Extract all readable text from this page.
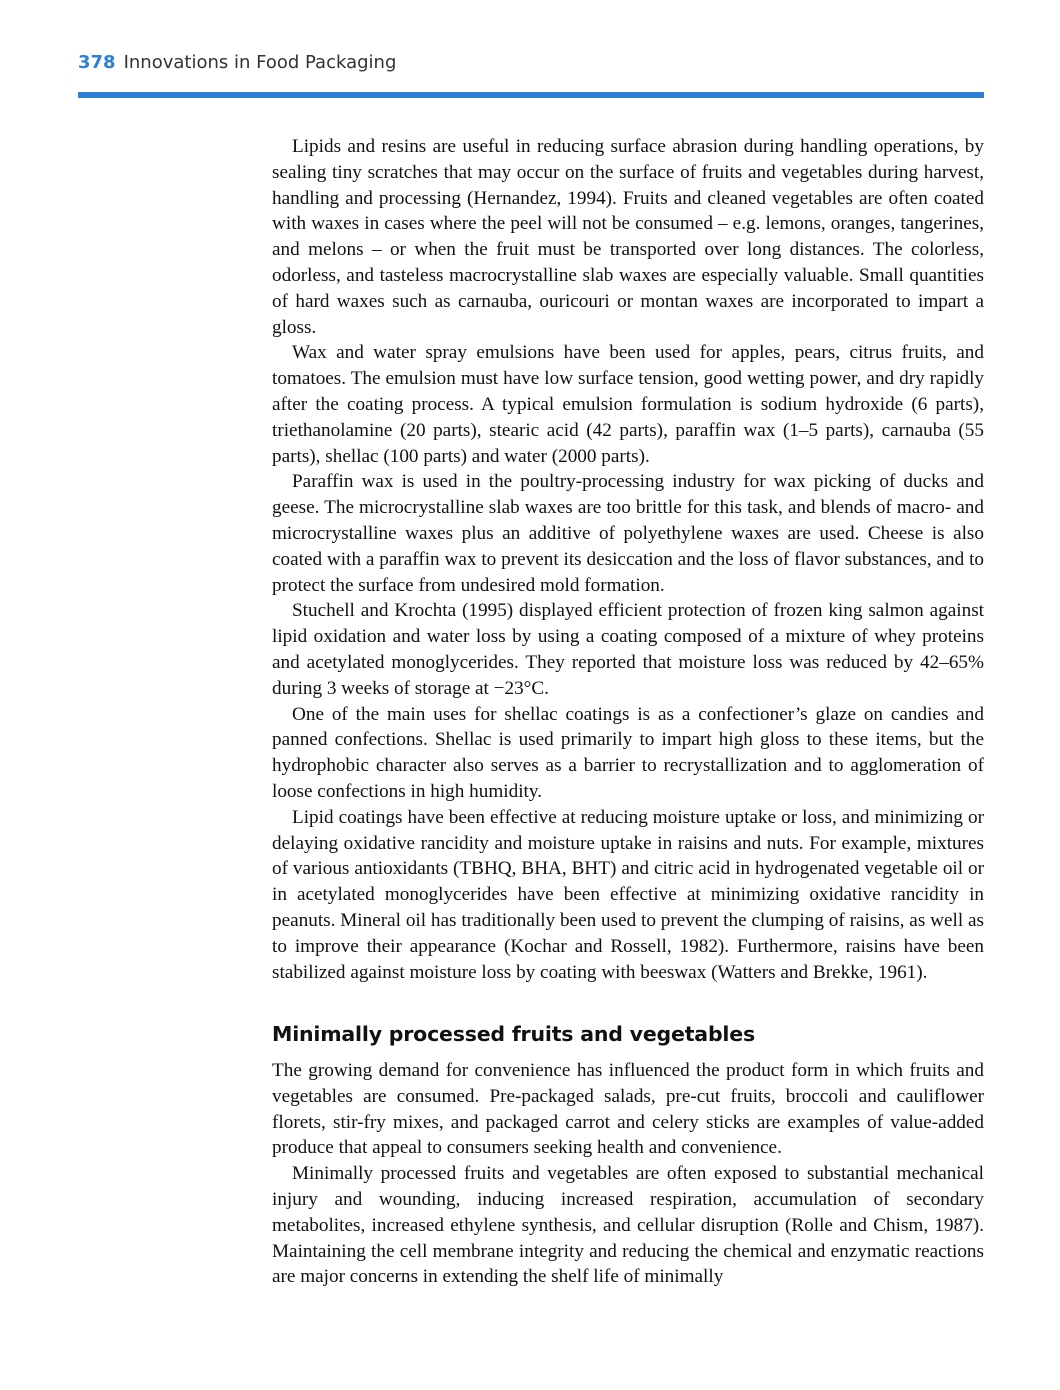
378 Innovations in Food Packaging

Lipids and resins are useful in reducing surface abrasion during handling operations, by sealing tiny scratches that may occur on the surface of fruits and vegetables during harvest, handling and processing (Hernandez, 1994). Fruits and cleaned vegetables are often coated with waxes in cases where the peel will not be consumed – e.g. lemons, oranges, tangerines, and melons – or when the fruit must be transported over long distances. The colorless, odorless, and tasteless macrocrystalline slab waxes are especially valuable. Small quantities of hard waxes such as carnauba, ouricouri or montan waxes are incorporated to impart a gloss.

Wax and water spray emulsions have been used for apples, pears, citrus fruits, and tomatoes. The emulsion must have low surface tension, good wetting power, and dry rapidly after the coating process. A typical emulsion formulation is sodium hydroxide (6 parts), triethanolamine (20 parts), stearic acid (42 parts), paraffin wax (1–5 parts), carnauba (55 parts), shellac (100 parts) and water (2000 parts).

Paraffin wax is used in the poultry-processing industry for wax picking of ducks and geese. The microcrystalline slab waxes are too brittle for this task, and blends of macro- and microcrystalline waxes plus an additive of polyethylene waxes are used. Cheese is also coated with a paraffin wax to prevent its desiccation and the loss of flavor substances, and to protect the surface from undesired mold formation.

Stuchell and Krochta (1995) displayed efficient protection of frozen king salmon against lipid oxidation and water loss by using a coating composed of a mixture of whey proteins and acetylated monoglycerides. They reported that moisture loss was reduced by 42–65% during 3 weeks of storage at −23°C.

One of the main uses for shellac coatings is as a confectioner’s glaze on candies and panned confections. Shellac is used primarily to impart high gloss to these items, but the hydrophobic character also serves as a barrier to recrystallization and to agglomeration of loose confections in high humidity.

Lipid coatings have been effective at reducing moisture uptake or loss, and minimizing or delaying oxidative rancidity and moisture uptake in raisins and nuts. For example, mixtures of various antioxidants (TBHQ, BHA, BHT) and citric acid in hydrogenated vegetable oil or in acetylated monoglycerides have been effective at minimizing oxidative rancidity in peanuts. Mineral oil has traditionally been used to prevent the clumping of raisins, as well as to improve their appearance (Kochar and Rossell, 1982). Furthermore, raisins have been stabilized against moisture loss by coating with beeswax (Watters and Brekke, 1961).

Minimally processed fruits and vegetables

The growing demand for convenience has influenced the product form in which fruits and vegetables are consumed. Pre-packaged salads, pre-cut fruits, broccoli and cauliflower florets, stir-fry mixes, and packaged carrot and celery sticks are examples of value-added produce that appeal to consumers seeking health and convenience.

Minimally processed fruits and vegetables are often exposed to substantial mechanical injury and wounding, inducing increased respiration, accumulation of secondary metabolites, increased ethylene synthesis, and cellular disruption (Rolle and Chism, 1987). Maintaining the cell membrane integrity and reducing the chemical and enzymatic reactions are major concerns in extending the shelf life of minimally
